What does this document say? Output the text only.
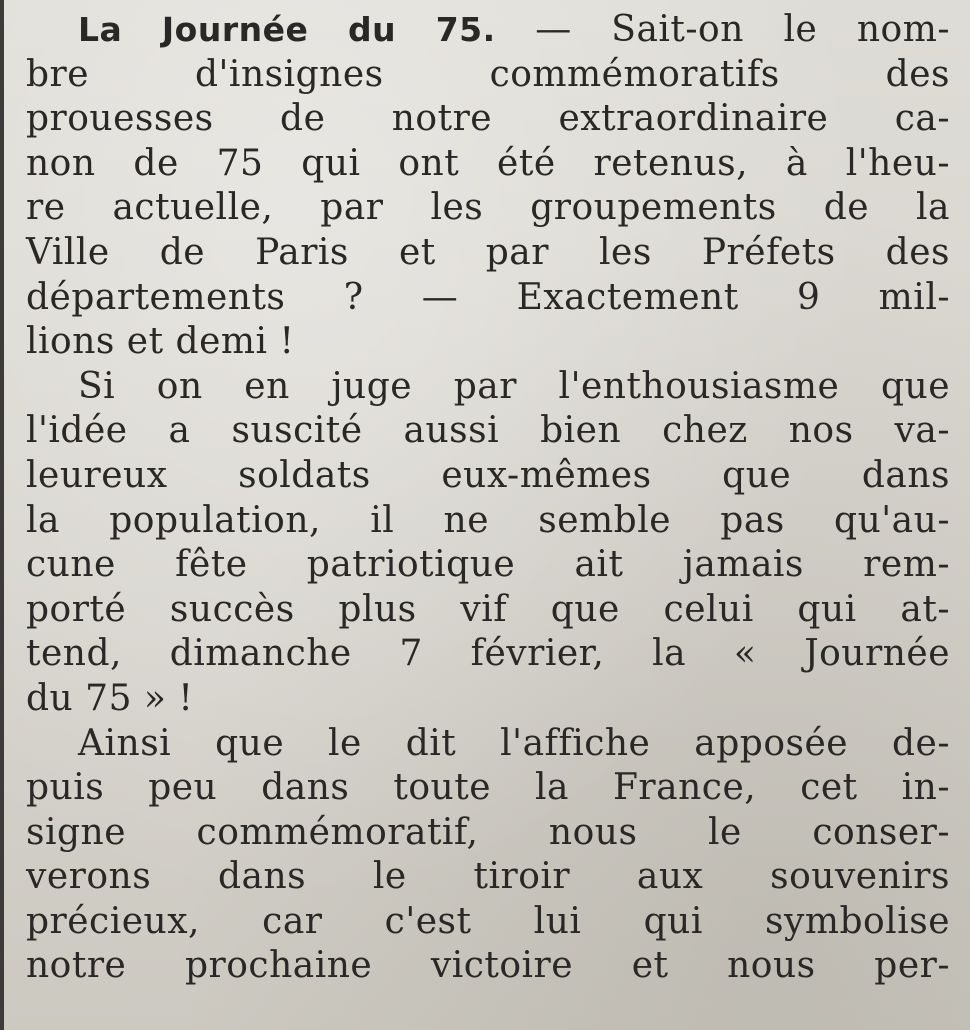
La Journée du 75. — Sait-on le nom-
bre d'insignes commémoratifs des
prouesses de notre extraordinaire ca-
non de 75 qui ont été retenus, à l'heu-
re actuelle, par les groupements de la
Ville de Paris et par les Préfets des
départements ? — Exactement 9 mil-
lions et demi !
Si on en juge par l'enthousiasme que
l'idée a suscité aussi bien chez nos va-
leureux soldats eux-mêmes que dans
la population, il ne semble pas qu'au-
cune fête patriotique ait jamais rem-
porté succès plus vif que celui qui at-
tend, dimanche 7 février, la « Journée
du 75 » !
Ainsi que le dit l'affiche apposée de-
puis peu dans toute la France, cet in-
signe commémoratif, nous le conser-
verons dans le tiroir aux souvenirs
précieux, car c'est lui qui symbolise
notre prochaine victoire et nous per-
